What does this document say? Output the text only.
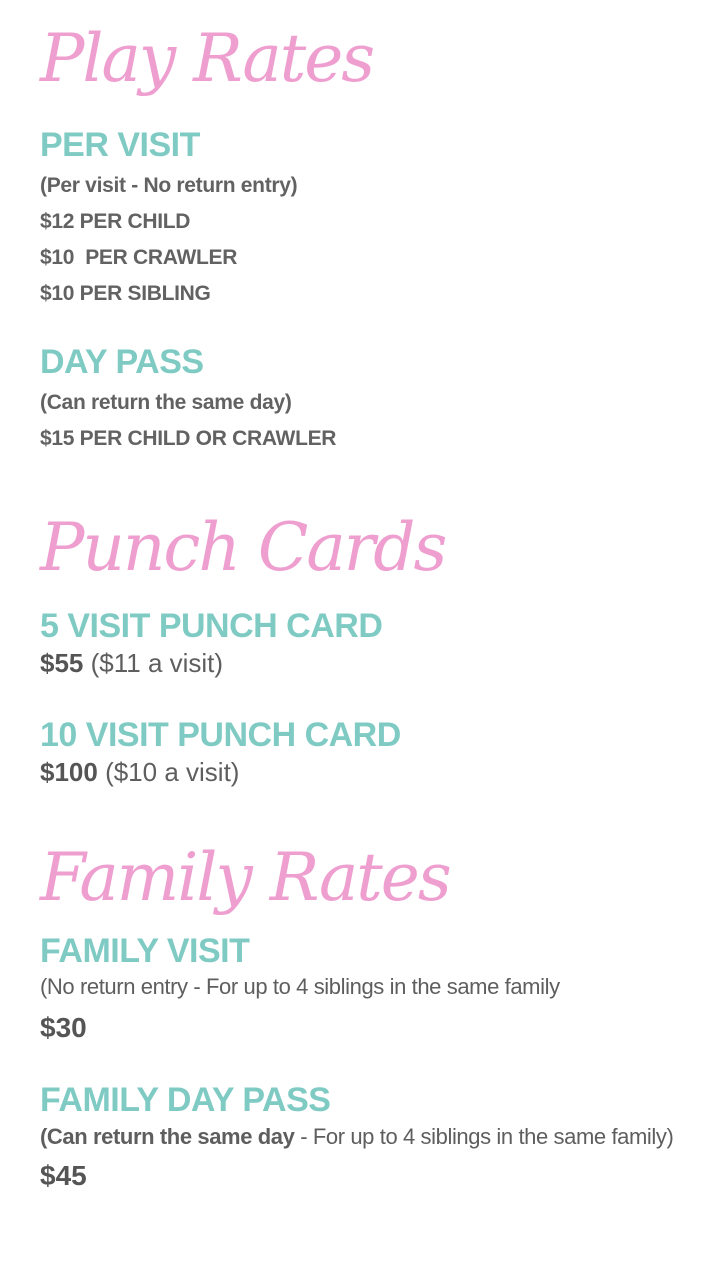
Play Rates
PER VISIT

(Per visit - No return entry)

$12 PER CHILD

$10  PER CRAWLER

$10 PER SIBLING

DAY PASS

(Can return the same day)

$15 PER CHILD OR CRAWLER

Punch Cards
5 VISIT PUNCH CARD

$55 ($11 a visit)

10 VISIT PUNCH CARD

$100 ($10 a visit)

Family Rates
FAMILY VISIT

(No return entry - For up to 4 siblings in the same family

$30

FAMILY DAY PASS

(Can return the same day - For up to 4 siblings in the same family)

$45
